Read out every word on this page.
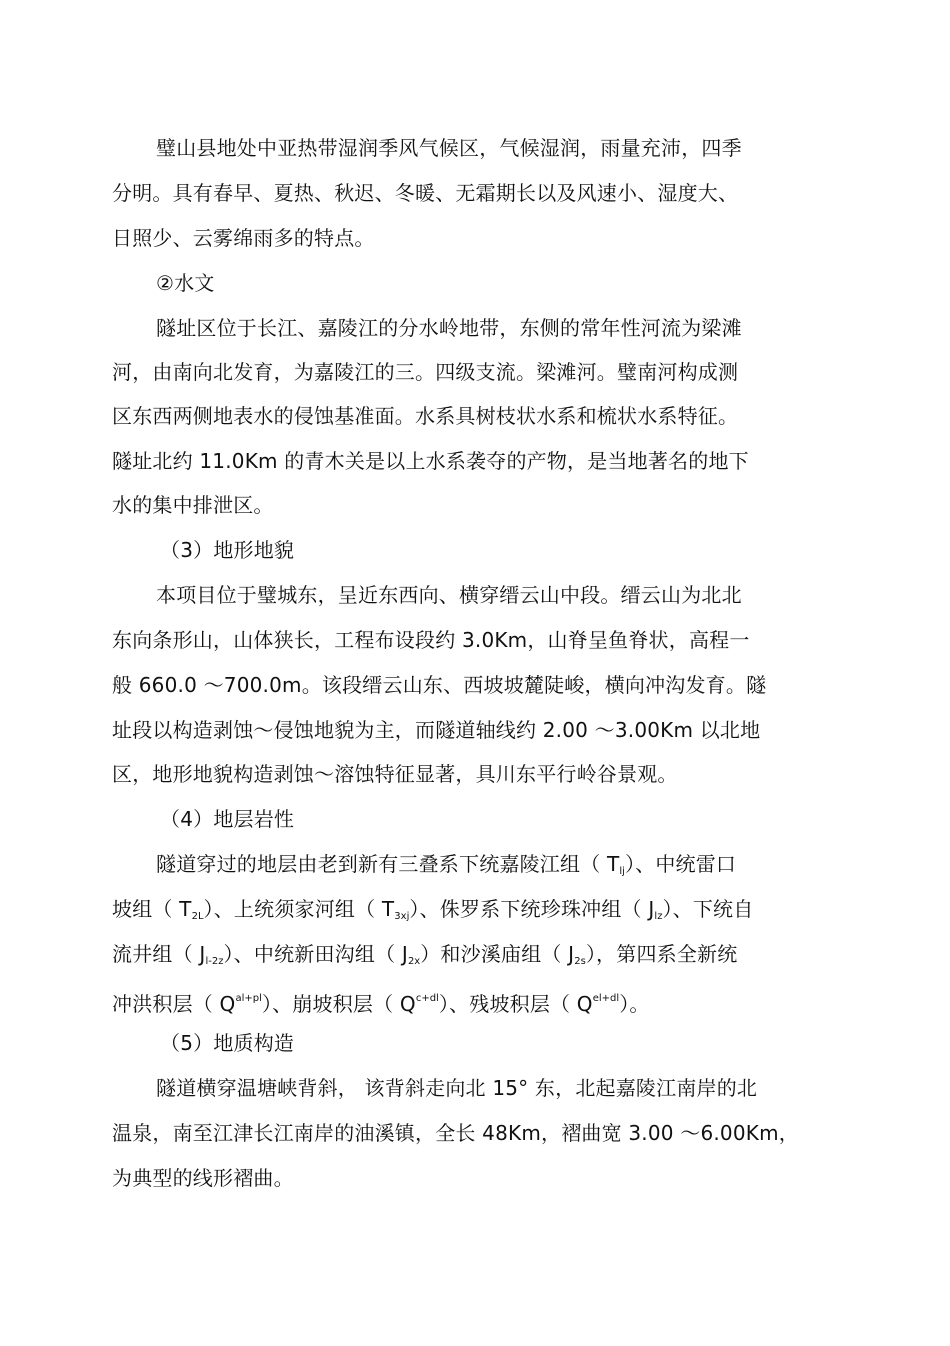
璧山县地处中亚热带湿润季风气候区，气候湿润，雨量充沛，四季
分明。具有春早、夏热、秋迟、冬暖、无霜期长以及风速小、湿度大、
日照少、云雾绵雨多的特点。
②水文
隧址区位于长江、嘉陵江的分水岭地带，东侧的常年性河流为梁滩
河，由南向北发育，为嘉陵江的三。四级支流。梁滩河。璧南河构成测
区东西两侧地表水的侵蚀基准面。水系具树枝状水系和梳状水系特征。
隧址北约 11.0Km 的青木关是以上水系袭夺的产物，是当地著名的地下
水的集中排泄区。
（3）地形地貌
本项目位于璧城东，呈近东西向、横穿缙云山中段。缙云山为北北
东向条形山，山体狭长，工程布设段约 3.0Km，山脊呈鱼脊状，高程一
般 660.0 ～700.0m。该段缙云山东、西坡坡麓陡峻，横向冲沟发育。隧
址段以构造剥蚀～侵蚀地貌为主，而隧道轴线约 2.00 ～3.00Km 以北地
区，地形地貌构造剥蚀～溶蚀特征显著，具川东平行岭谷景观。
（4）地层岩性
隧道穿过的地层由老到新有三叠系下统嘉陵江组（ $T_{lj}$）、中统雷口
坡组（ $T_{2L}$）、上统须家河组（ $T_{3xj}$）、侏罗系下统珍珠冲组（ $J_{lz}$）、下统自
流井组（ $J_{l-2z}$）、中统新田沟组（ $J_{2x}$）和沙溪庙组（ $J_{2s}$），第四系全新统
冲洪积层（ $Q^{al+pl}$）、崩坡积层（ $Q^{c+dl}$）、残坡积层（ $Q^{el+dl}$）。
（5）地质构造
隧道横穿温塘峡背斜， 该背斜走向北 15° 东，北起嘉陵江南岸的北
温泉，南至江津长江南岸的油溪镇，全长 48Km，褶曲宽 3.00 ～6.00Km，
为典型的线形褶曲。
